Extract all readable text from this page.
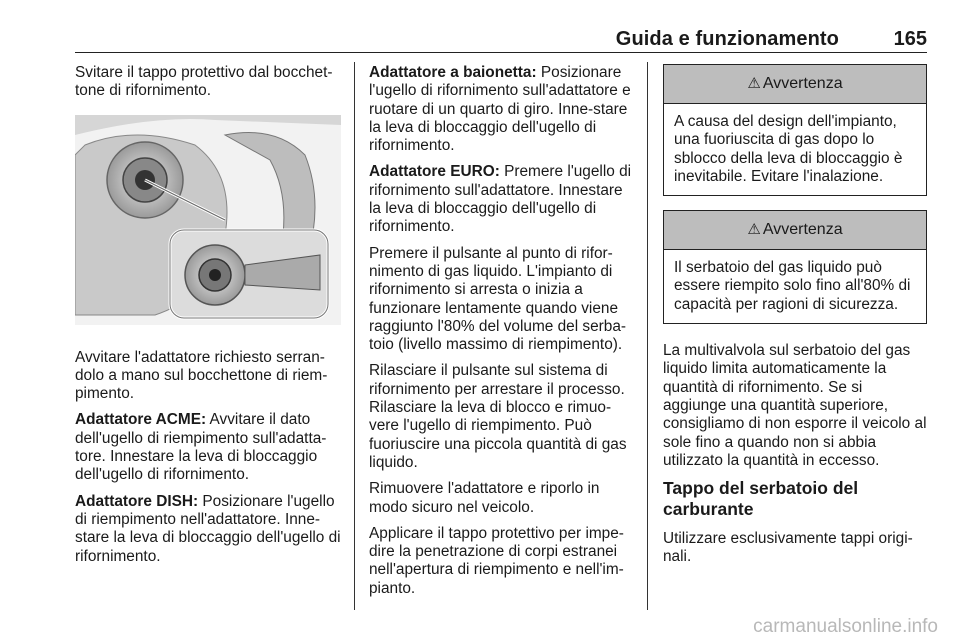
Guida e funzionamento	165

Svitare il tappo protettivo dal bocchet-tone di rifornimento.

Avvitare l'adattatore richiesto serran-dolo a mano sul bocchettone di riem-pimento.

Adattatore ACME: Avvitare il dato dell'ugello di riempimento sull'adatta-tore. Innestare la leva di bloccaggio dell'ugello di rifornimento.

Adattatore DISH: Posizionare l'ugello di riempimento nell'adattatore. Inne-stare la leva di bloccaggio dell'ugello di rifornimento.

Adattatore a baionetta: Posizionare l'ugello di rifornimento sull'adattatore e ruotare di un quarto di giro. Inne-stare la leva di bloccaggio dell'ugello di rifornimento.

Adattatore EURO: Premere l'ugello di rifornimento sull'adattatore. Innestare la leva di bloccaggio dell'ugello di rifornimento.

Premere il pulsante al punto di rifor-nimento di gas liquido. L'impianto di rifornimento si arresta o inizia a funzionare lentamente quando viene raggiunto l'80% del volume del serba-toio (livello massimo di riempimento).

Rilasciare il pulsante sul sistema di rifornimento per arrestare il processo. Rilasciare la leva di blocco e rimuo-vere l'ugello di riempimento. Può fuoriuscire una piccola quantità di gas liquido.

Rimuovere l'adattatore e riporlo in modo sicuro nel veicolo.

Applicare il tappo protettivo per impe-dire la penetrazione di corpi estranei nell'apertura di riempimento e nell'im-pianto.

⚠ Avvertenza
A causa del design dell'impianto, una fuoriuscita di gas dopo lo sblocco della leva di bloccaggio è inevitabile. Evitare l'inalazione.
⚠ Avvertenza
Il serbatoio del gas liquido può essere riempito solo fino all'80% di capacità per ragioni di sicurezza.

La multivalvola sul serbatoio del gas liquido limita automaticamente la quantità di rifornimento. Se si aggiunge una quantità superiore, consigliamo di non esporre il veicolo al sole fino a quando non si abbia utilizzato la quantità in eccesso.

Tappo del serbatoio del carburante

Utilizzare esclusivamente tappi origi-nali.

carmanualsonline.info
